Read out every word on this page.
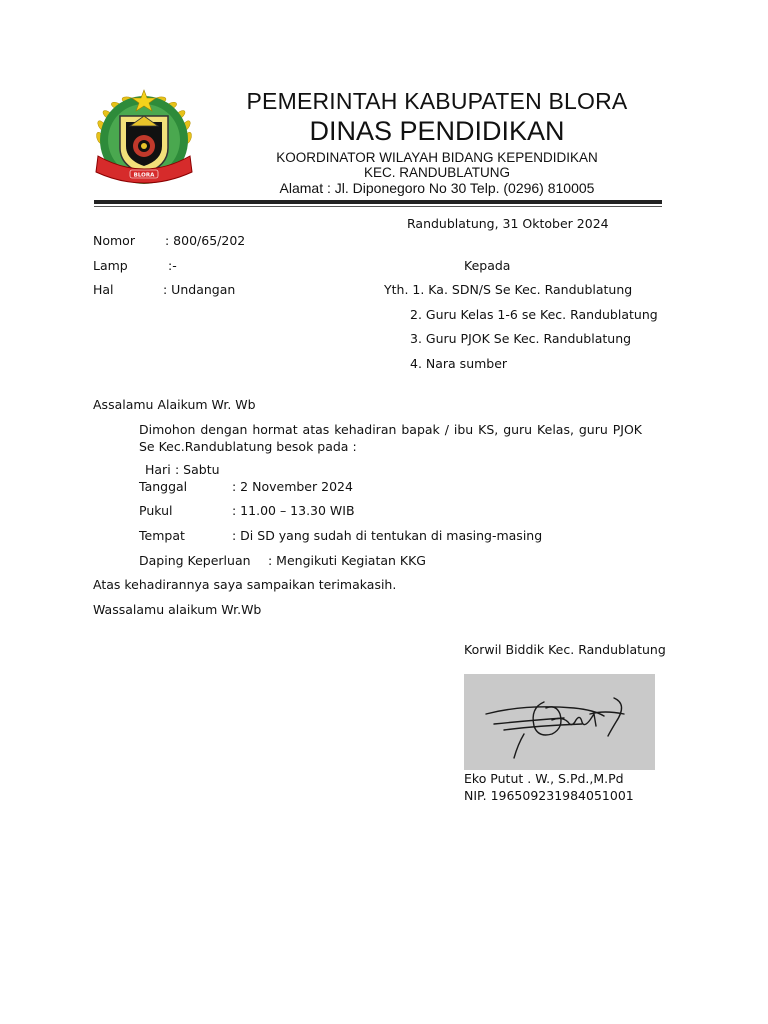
BLORA
PEMERINTAH KABUPATEN BLORA
DINAS PENDIDIKAN
KOORDINATOR WILAYAH BIDANG KEPENDIDIKAN
KEC. RANDUBLATUNG
Alamat : Jl. Diponegoro No 30 Telp. (0296) 810005
Randublatung, 31 Oktober 2024
Nomor : 800/65/202
Lamp	:-
Hal	: Undangan
Kepada
Yth. 1. Ka. SDN/S Se Kec. Randublatung
2. Guru Kelas 1-6 se Kec. Randublatung
3. Guru PJOK Se Kec. Randublatung
4. Nara sumber
Assalamu Alaikum Wr. Wb
Dimohon dengan hormat atas kehadiran bapak / ibu KS, guru Kelas, guru PJOK Se Kec.Randublatung besok pada :
Hari : Sabtu
Tanggal	: 2 November 2024
Pukul	: 11.00 – 13.30 WIB
Tempat	: Di SD yang sudah di tentukan di masing-masing
Daping Keperluan : Mengikuti Kegiatan KKG
Atas kehadirannya saya sampaikan terimakasih.
Wassalamu alaikum Wr.Wb
Korwil Biddik Kec. Randublatung
Eko Putut . W., S.Pd.,M.Pd
NIP. 196509231984051001
